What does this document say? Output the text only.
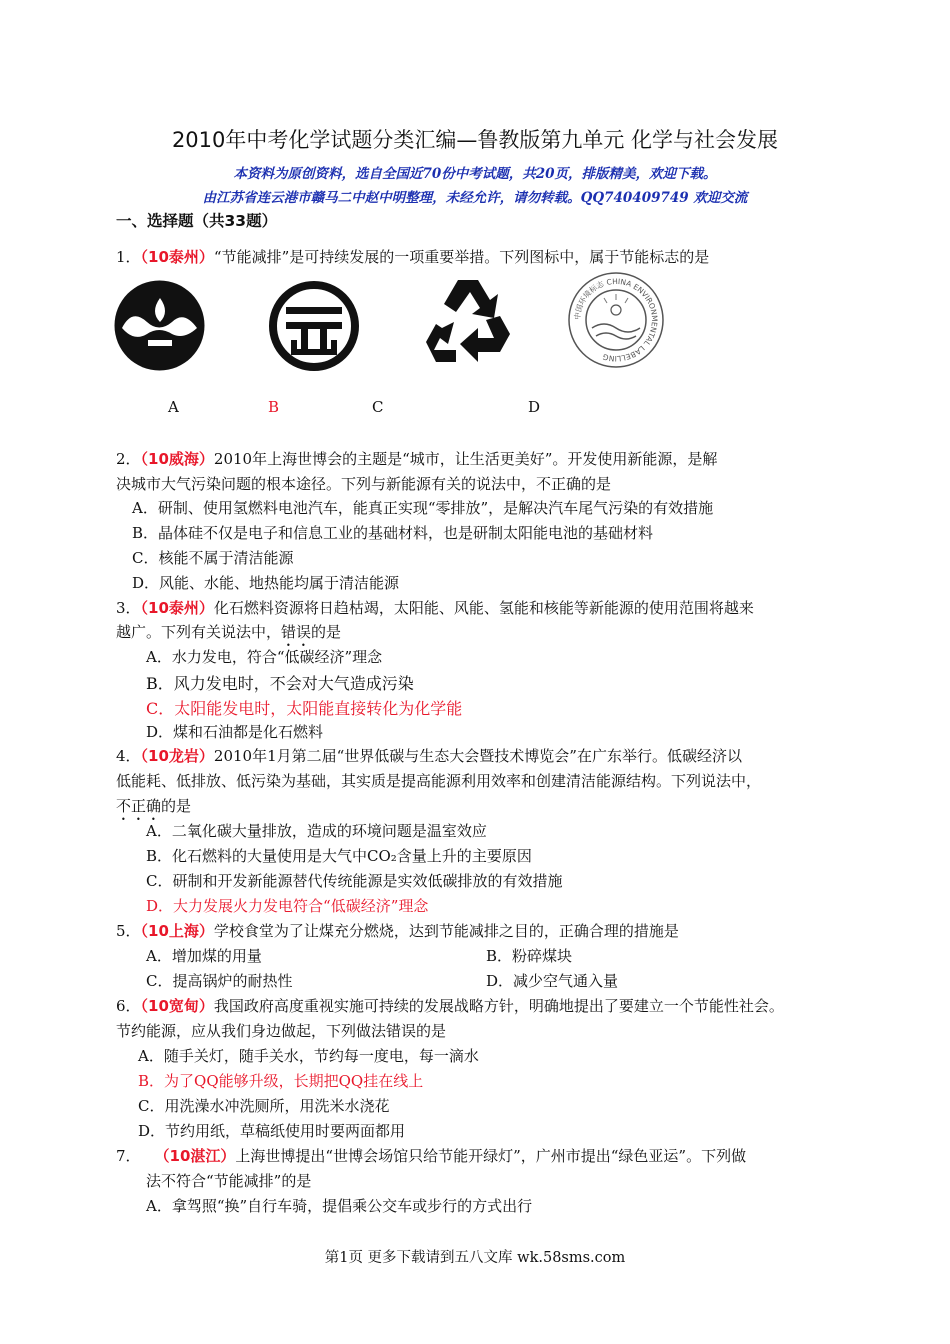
2010年中考化学试题分类汇编—鲁教版第九单元 化学与社会发展
本资料为原创资料，选自全国近70份中考试题，共20页，排版精美，欢迎下载。
由江苏省连云港市赣马二中赵中明整理，未经允许，请勿转载。QQ740409749 欢迎交流
一、选择题（共33题）
1．（10泰州）“节能减排”是可持续发展的一项重要举措。下列图标中，属于节能标志的是
中国环境标志 CHINA ENVIRONMENTAL LABELLING
A	B	C	D
2．（10威海）2010年上海世博会的主题是“城市，让生活更美好”。开发使用新能源，是解
决城市大气污染问题的根本途径。下列与新能源有关的说法中，不正确的是
A．研制、使用氢燃料电池汽车，能真正实现“零排放”，是解决汽车尾气污染的有效措施
B．晶体硅不仅是电子和信息工业的基础材料，也是研制太阳能电池的基础材料
C．核能不属于清洁能源
D．风能、水能、地热能均属于清洁能源
3．（10泰州）化石燃料资源将日趋枯竭，太阳能、风能、氢能和核能等新能源的使用范围将越来
越广。下列有关说法中，错误的是
A．水力发电，符合“低碳经济”理念
B．风力发电时，不会对大气造成污染
C．太阳能发电时，太阳能直接转化为化学能
D．煤和石油都是化石燃料
4．（10龙岩）2010年1月第二届“世界低碳与生态大会暨技术博览会”在广东举行。低碳经济以
低能耗、低排放、低污染为基础，其实质是提高能源利用效率和创建清洁能源结构。下列说法中，
不正确的是
A．二氧化碳大量排放，造成的环境问题是温室效应
B．化石燃料的大量使用是大气中CO₂含量上升的主要原因
C．研制和开发新能源替代传统能源是实效低碳排放的有效措施
D．大力发展火力发电符合“低碳经济”理念
5．（10上海）学校食堂为了让煤充分燃烧，达到节能减排之目的，正确合理的措施是
A．增加煤的用量	B．粉碎煤块
C．提高锅炉的耐热性	D．减少空气通入量
6．（10宽甸）我国政府高度重视实施可持续的发展战略方针，明确地提出了要建立一个节能性社会。
节约能源，应从我们身边做起，下列做法错误的是
A．随手关灯，随手关水，节约每一度电，每一滴水
B．为了QQ能够升级，长期把QQ挂在线上
C．用洗澡水冲洗厕所，用洗米水浇花
D．节约用纸，草稿纸使用时要两面都用
7． （10湛江）上海世博提出“世博会场馆只给节能开绿灯”，广州市提出“绿色亚运”。下列做
法不符合“节能减排”的是
A．拿驾照“换”自行车骑，提倡乘公交车或步行的方式出行
第1页 更多下载请到五八文库 wk.58sms.com
